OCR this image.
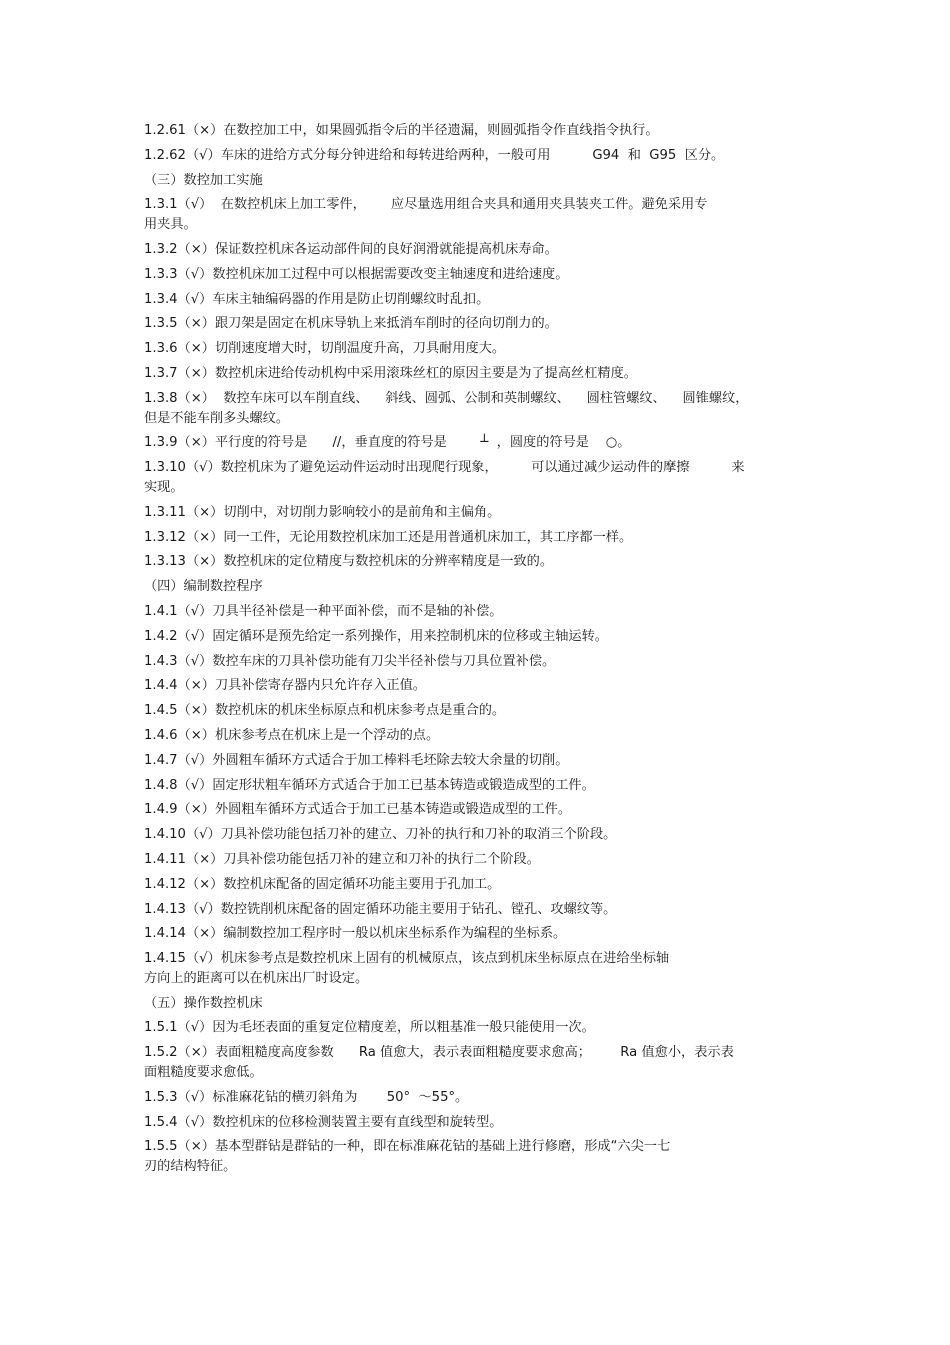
1.2.61（×）在数控加工中，如果圆弧指令后的半径遗漏，则圆弧指令作直线指令执行。
1.2.62（√）车床的进给方式分每分钟进给和每转进给两种，一般可用          G94  和  G95  区分。
（三）数控加工实施
1.3.1（√）  在数控机床上加工零件，      应尽量选用组合夹具和通用夹具装夹工件。避免采用专
用夹具。
1.3.2（×）保证数控机床各运动部件间的良好润滑就能提高机床寿命。
1.3.3（√）数控机床加工过程中可以根据需要改变主轴速度和进给速度。
1.3.4（√）车床主轴编码器的作用是防止切削螺纹时乱扣。
1.3.5（×）跟刀架是固定在机床导轨上来抵消车削时的径向切削力的。
1.3.6（×）切削速度增大时，切削温度升高，刀具耐用度大。
1.3.7（×）数控机床进给传动机构中采用滚珠丝杠的原因主要是为了提高丝杠精度。
1.3.8（×）  数控车床可以车削直线、    斜线、圆弧、公制和英制螺纹、    圆柱管螺纹、    圆锥螺纹，
但是不能车削多头螺纹。
1.3.9（×）平行度的符号是      //，垂直度的符号是        ┴  ，圆度的符号是    ○。
1.3.10（√）数控机床为了避免运动件运动时出现爬行现象，        可以通过减少运动件的摩擦          来
实现。
1.3.11（×）切削中，对切削力影响较小的是前角和主偏角。
1.3.12（×）同一工件，无论用数控机床加工还是用普通机床加工，其工序都一样。
1.3.13（×）数控机床的定位精度与数控机床的分辨率精度是一致的。
（四）编制数控程序
1.4.1（√）刀具半径补偿是一种平面补偿，而不是轴的补偿。
1.4.2（√）固定循环是预先给定一系列操作，用来控制机床的位移或主轴运转。
1.4.3（√）数控车床的刀具补偿功能有刀尖半径补偿与刀具位置补偿。
1.4.4（×）刀具补偿寄存器内只允许存入正值。
1.4.5（×）数控机床的机床坐标原点和机床参考点是重合的。
1.4.6（×）机床参考点在机床上是一个浮动的点。
1.4.7（√）外圆粗车循环方式适合于加工棒料毛坯除去较大余量的切削。
1.4.8（√）固定形状粗车循环方式适合于加工已基本铸造或锻造成型的工件。
1.4.9（×）外圆粗车循环方式适合于加工已基本铸造或锻造成型的工件。
1.4.10（√）刀具补偿功能包括刀补的建立、刀补的执行和刀补的取消三个阶段。
1.4.11（×）刀具补偿功能包括刀补的建立和刀补的执行二个阶段。
1.4.12（×）数控机床配备的固定循环功能主要用于孔加工。
1.4.13（√）数控铣削机床配备的固定循环功能主要用于钻孔、镗孔、攻螺纹等。
1.4.14（×）编制数控加工程序时一般以机床坐标系作为编程的坐标系。
1.4.15（√）机床参考点是数控机床上固有的机械原点，该点到机床坐标原点在进给坐标轴
方向上的距离可以在机床出厂时设定。
（五）操作数控机床
1.5.1（√）因为毛坯表面的重复定位精度差，所以粗基准一般只能使用一次。
1.5.2（×）表面粗糙度高度参数      Ra 值愈大，表示表面粗糙度要求愈高；       Ra 值愈小，表示表
面粗糙度要求愈低。
1.5.3（√）标准麻花钻的横刃斜角为       50°  ～55°。
1.5.4（√）数控机床的位移检测装置主要有直线型和旋转型。
1.5.5（×）基本型群钻是群钻的一种，即在标准麻花钻的基础上进行修磨，形成“六尖一七
刃的结构特征。
